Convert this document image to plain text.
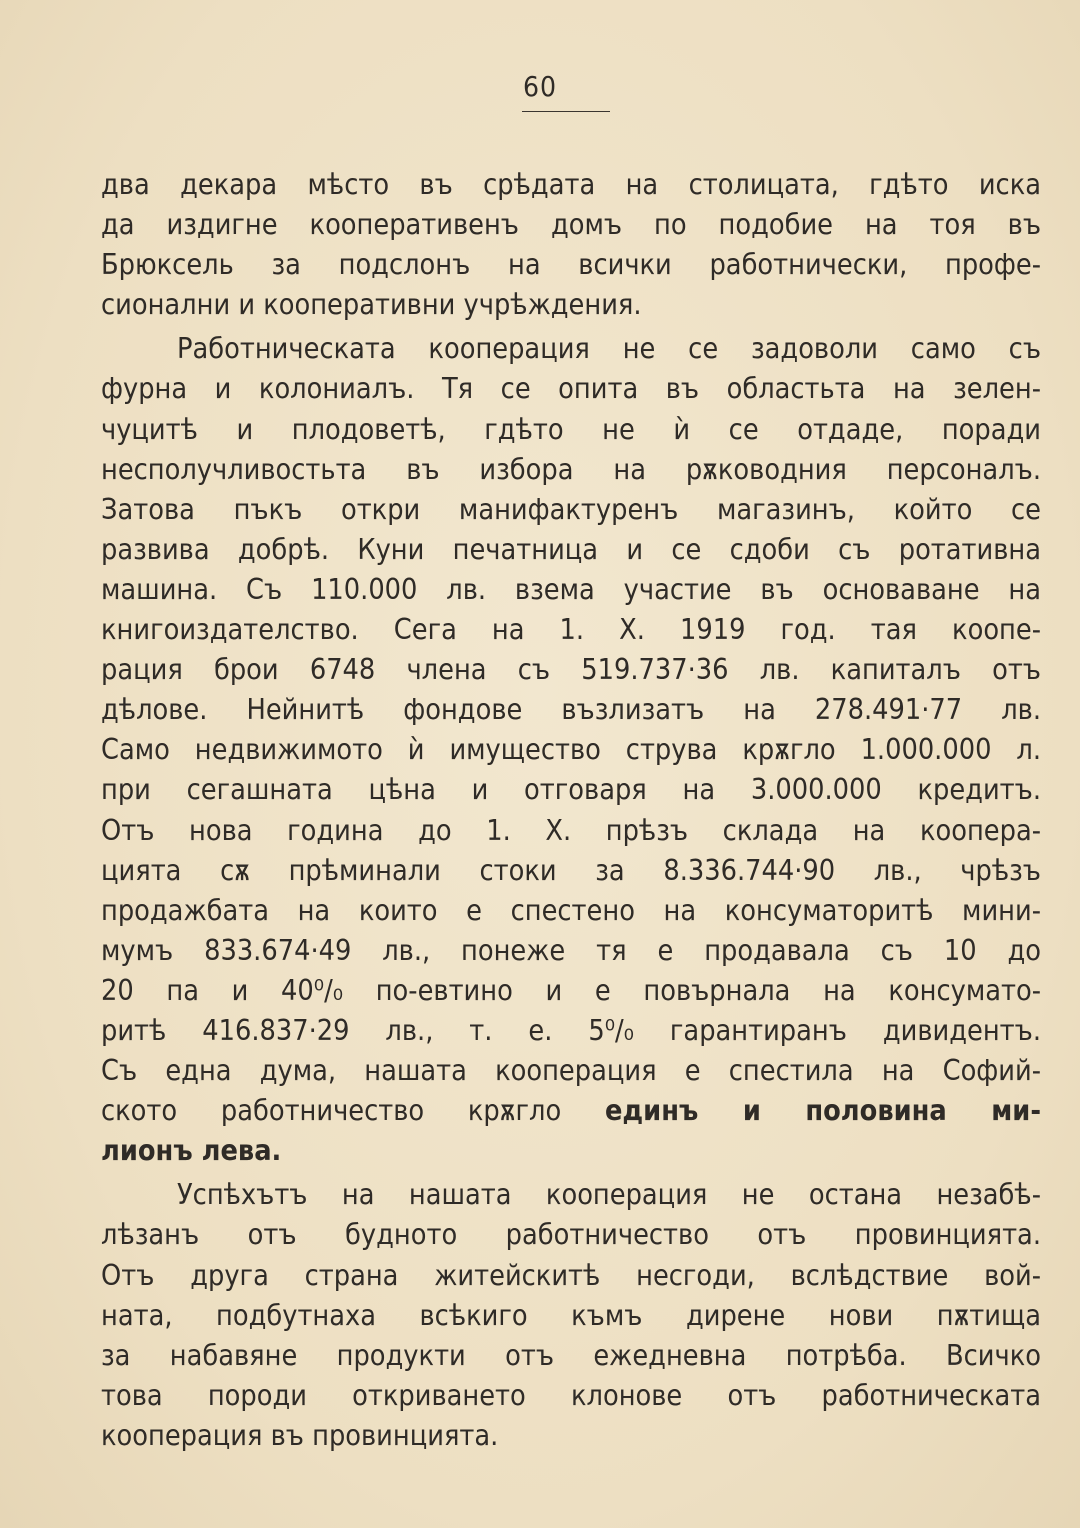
60
два декара мѣсто въ срѣдата на столицата, гдѣто иска
да издигне кооперативенъ домъ по подобие на тоя въ
Брюксель за подслонъ на всички работнически, профе-
сионални и кооперативни учрѣждения.
Работническата кооперация не се задоволи само съ
фурна и колониалъ. Тя се опита въ областьта на зелен-
чуцитѣ и плодоветѣ, гдѣто не ѝ се отдаде, поради
несполучливостьта въ избора на рѫководния персоналъ.
Затова пъкъ откри манифактуренъ магазинъ, който се
развива добрѣ. Куни печатница и се сдоби съ ротативна
машина. Съ 110.000 лв. взема участие въ основаване на
книгоиздателство. Сега на 1. X. 1919 год. тая коопе-
рация брои 6748 члена съ 519.737·36 лв. капиталъ отъ
дѣлове. Нейнитѣ фондове възлизатъ на 278.491·77 лв.
Само недвижимото ѝ имущество струва крѫгло 1.000.000 л.
при сегашната цѣна и отговаря на 3.000.000 кредитъ.
Отъ нова година до 1. X. прѣзъ склада на коопера-
цията сѫ прѣминали стоки за 8.336.744·90 лв., чрѣзъ
продажбата на които е спестено на консуматоритѣ мини-
мумъ 833.674·49 лв., понеже тя е продавала съ 10 до
20 па и 40⁰/₀ по-евтино и е повърнала на консумато-
ритѣ 416.837·29 лв., т. е. 5⁰/₀ гарантиранъ дивидентъ.
Съ една дума, нашата кооперация е спестила на Софий-
ското работничество крѫгло единъ и половина ми-
лионъ лева.
Успѣхътъ на нашата кооперация не остана незабѣ-
лѣзанъ отъ будното работничество отъ провинцията.
Отъ друга страна житейскитѣ несгоди, вслѣдствие вой-
ната, подбутнаха всѣкиго къмъ дирене нови пѫтища
за набавяне продукти отъ ежедневна потрѣба. Всичко
това породи откриването клонове отъ работническата
кооперация въ провинцията.
